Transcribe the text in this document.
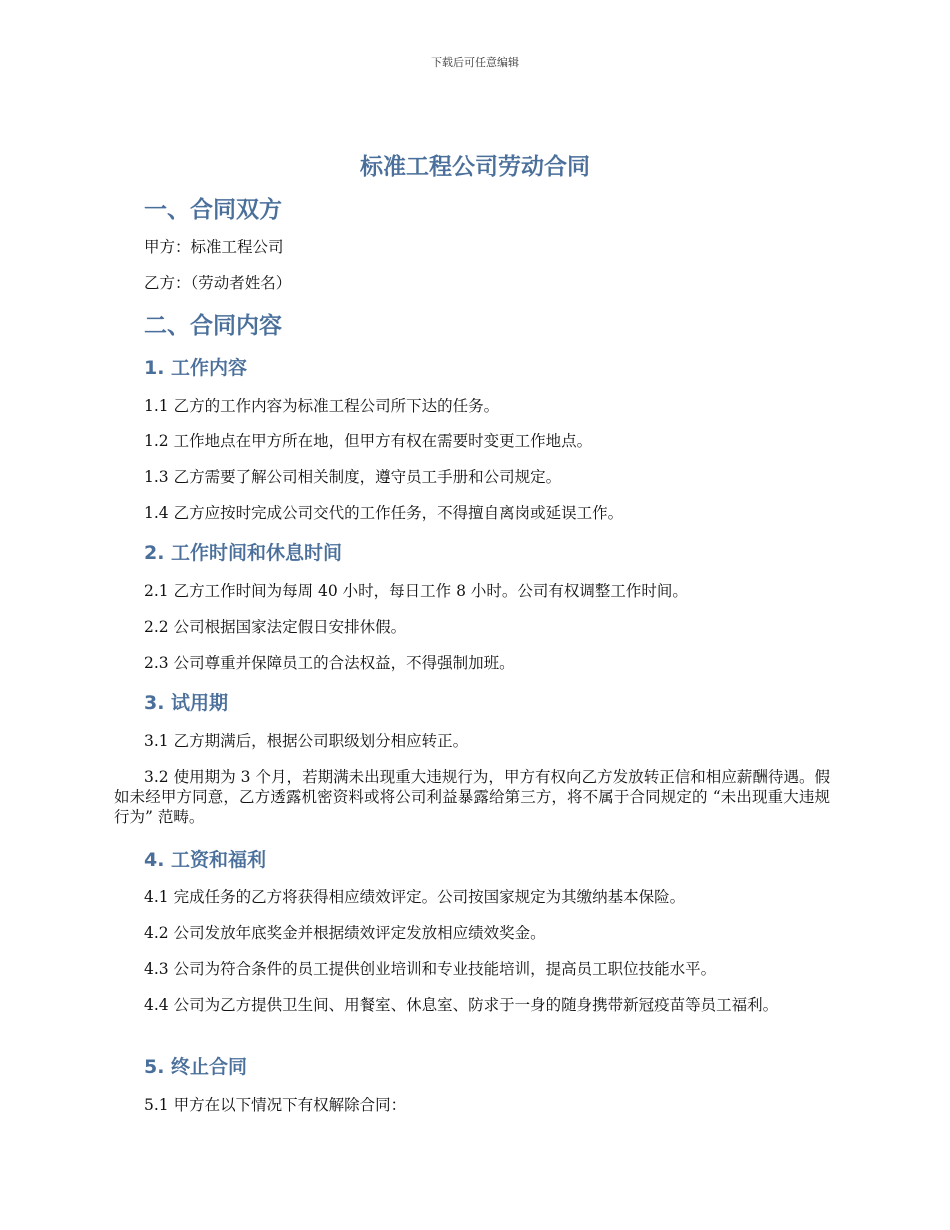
下载后可任意编辑
标准工程公司劳动合同
一、合同双方

甲方：标准工程公司

乙方：（劳动者姓名）

二、合同内容
1. 工作内容

1.1 乙方的工作内容为标准工程公司所下达的任务。

1.2 工作地点在甲方所在地，但甲方有权在需要时变更工作地点。

1.3 乙方需要了解公司相关制度，遵守员工手册和公司规定。

1.4 乙方应按时完成公司交代的工作任务，不得擅自离岗或延误工作。

2. 工作时间和休息时间

2.1 乙方工作时间为每周 40 小时，每日工作 8 小时。公司有权调整工作时间。

2.2 公司根据国家法定假日安排休假。

2.3 公司尊重并保障员工的合法权益，不得强制加班。

3. 试用期

3.1 乙方期满后，根据公司职级划分相应转正。

3.2 使用期为 3 个月，若期满未出现重大违规行为，甲方有权向乙方发放转正信和相应薪酬待遇。假如未经甲方同意，乙方透露机密资料或将公司利益暴露给第三方，将不属于合同规定的 “未出现重大违规行为” 范畴。

4. 工资和福利

4.1 完成任务的乙方将获得相应绩效评定。公司按国家规定为其缴纳基本保险。

4.2 公司发放年底奖金并根据绩效评定发放相应绩效奖金。

4.3 公司为符合条件的员工提供创业培训和专业技能培训，提高员工职位技能水平。

4.4 公司为乙方提供卫生间、用餐室、休息室、防求于一身的随身携带新冠疫苗等员工福利。

5. 终止合同

5.1 甲方在以下情况下有权解除合同：
